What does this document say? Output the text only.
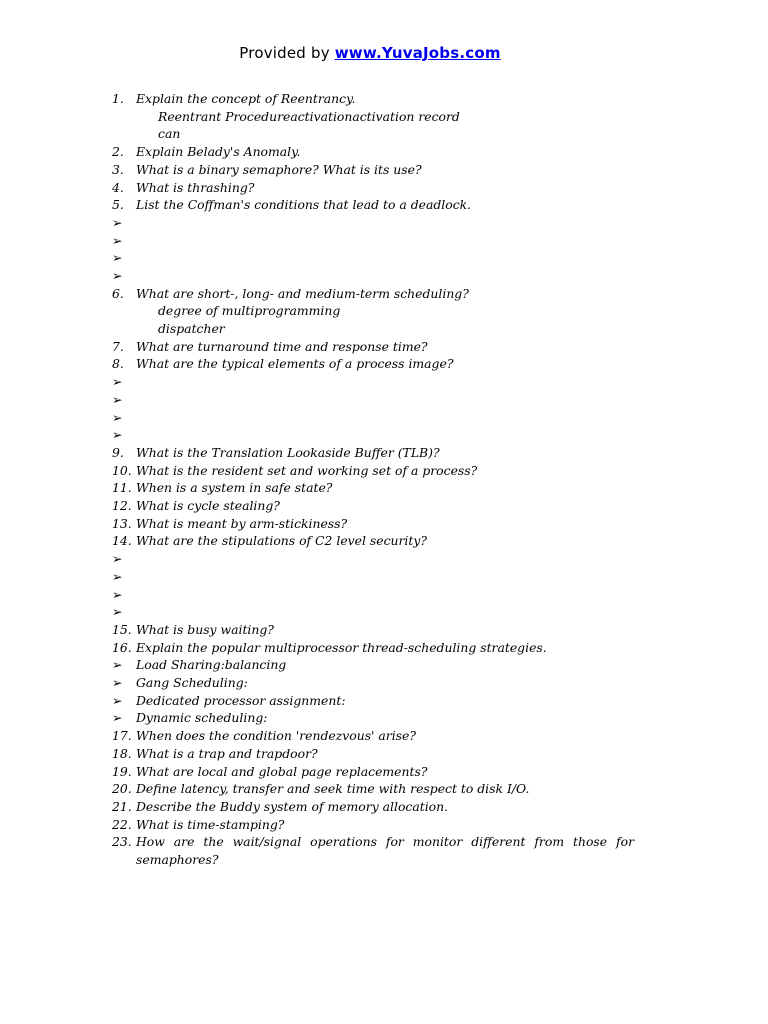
Provided by www.YuvaJobs.com
1. Explain the concept of Reentrancy.
Reentrant Procedureactivationactivation record
can
2. Explain Belady's Anomaly.
3. What is a binary semaphore? What is its use?
4. What is thrashing?
5. List the Coffman's conditions that lead to a deadlock.
➢
➢
➢
➢
6. What are short-, long- and medium-term scheduling?
degree of multiprogramming
dispatcher
7. What are turnaround time and response time?
8. What are the typical elements of a process image?
➢
➢
➢
➢
9. What is the Translation Lookaside Buffer (TLB)?
10. What is the resident set and working set of a process?
11. When is a system in safe state?
12. What is cycle stealing?
13. What is meant by arm-stickiness?
14. What are the stipulations of C2 level security?
➢
➢
➢
➢
15. What is busy waiting?
16. Explain the popular multiprocessor thread-scheduling strategies.
➢	Load Sharing:balancing
➢	Gang Scheduling:
➢	Dedicated processor assignment:
➢	Dynamic scheduling:
17. When does the condition 'rendezvous' arise?
18. What is a trap and trapdoor?
19. What are local and global page replacements?
20. Define latency, transfer and seek time with respect to disk I/O.
21. Describe the Buddy system of memory allocation.
22. What is time-stamping?
23. How are the wait/signal operations for monitor different from those for semaphores?
